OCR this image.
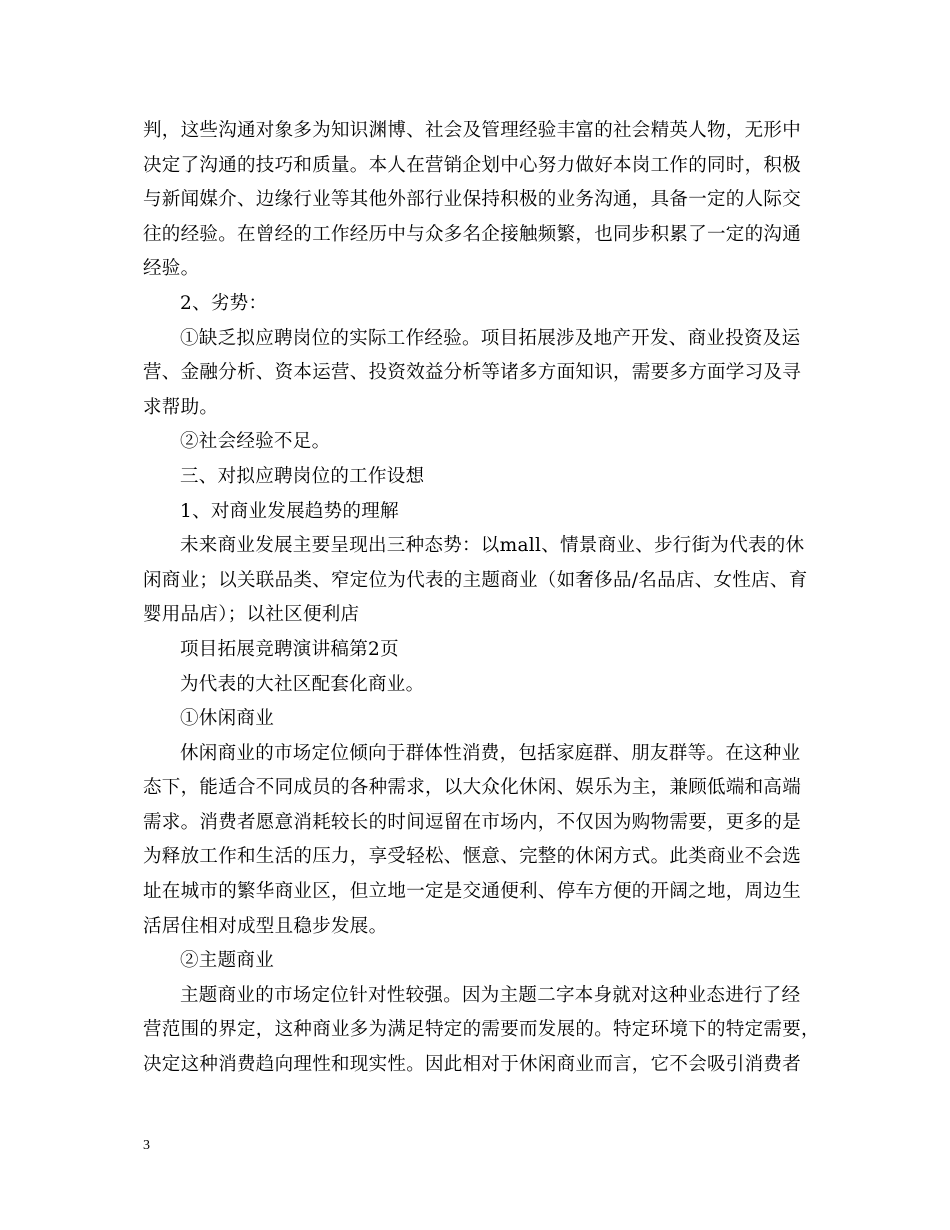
判，这些沟通对象多为知识渊博、社会及管理经验丰富的社会精英人物，无形中
决定了沟通的技巧和质量。本人在营销企划中心努力做好本岗工作的同时，积极
与新闻媒介、边缘行业等其他外部行业保持积极的业务沟通，具备一定的人际交
往的经验。在曾经的工作经历中与众多名企接触频繁，也同步积累了一定的沟通
经验。

2、劣势：

①缺乏拟应聘岗位的实际工作经验。项目拓展涉及地产开发、商业投资及运
营、金融分析、资本运营、投资效益分析等诸多方面知识，需要多方面学习及寻
求帮助。

②社会经验不足。

三、对拟应聘岗位的工作设想

1、对商业发展趋势的理解

未来商业发展主要呈现出三种态势：以mall、情景商业、步行街为代表的休
闲商业；以关联品类、窄定位为代表的主题商业（如奢侈品/名品店、女性店、育
婴用品店）；以社区便利店

项目拓展竞聘演讲稿第2页

为代表的大社区配套化商业。

①休闲商业

休闲商业的市场定位倾向于群体性消费，包括家庭群、朋友群等。在这种业
态下，能适合不同成员的各种需求，以大众化休闲、娱乐为主，兼顾低端和高端
需求。消费者愿意消耗较长的时间逗留在市场内，不仅因为购物需要，更多的是
为释放工作和生活的压力，享受轻松、惬意、完整的休闲方式。此类商业不会选
址在城市的繁华商业区，但立地一定是交通便利、停车方便的开阔之地，周边生
活居住相对成型且稳步发展。

②主题商业

主题商业的市场定位针对性较强。因为主题二字本身就对这种业态进行了经
营范围的界定，这种商业多为满足特定的需要而发展的。特定环境下的特定需要，
决定这种消费趋向理性和现实性。因此相对于休闲商业而言，它不会吸引消费者

3
